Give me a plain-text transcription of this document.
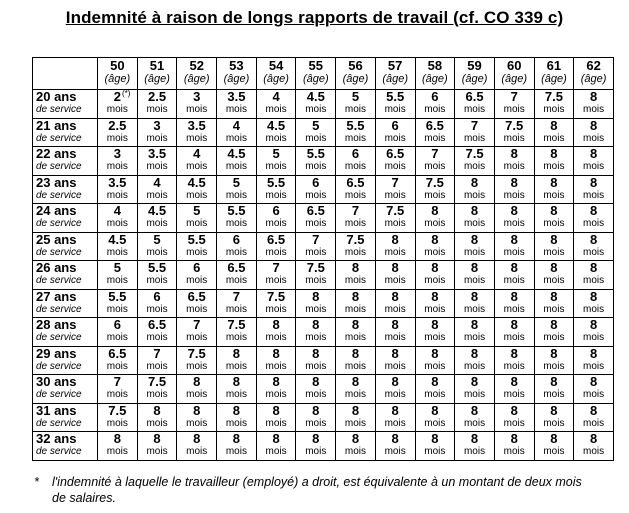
Indemnité à raison de longs rapports de travail (cf. CO 339 c)
	50
(âge)	51
(âge)	52
(âge)	53
(âge)	54
(âge)	55
(âge)	56
(âge)	57
(âge)	58
(âge)	59
(âge)	60
(âge)	61
(âge)	62
(âge)

20 ans
de service	2 (*)
mois	2.5
mois	3
mois	3.5
mois	4
mois	4.5
mois	5
mois	5.5
mois	6
mois	6.5
mois	7
mois	7.5
mois	8
mois

21 ans
de service	2.5
mois	3
mois	3.5
mois	4
mois	4.5
mois	5
mois	5.5
mois	6
mois	6.5
mois	7
mois	7.5
mois	8
mois	8
mois

22 ans
de service	3
mois	3.5
mois	4
mois	4.5
mois	5
mois	5.5
mois	6
mois	6.5
mois	7
mois	7.5
mois	8
mois	8
mois	8
mois

23 ans
de service	3.5
mois	4
mois	4.5
mois	5
mois	5.5
mois	6
mois	6.5
mois	7
mois	7.5
mois	8
mois	8
mois	8
mois	8
mois

24 ans
de service	4
mois	4.5
mois	5
mois	5.5
mois	6
mois	6.5
mois	7
mois	7.5
mois	8
mois	8
mois	8
mois	8
mois	8
mois

25 ans
de service	4.5
mois	5
mois	5.5
mois	6
mois	6.5
mois	7
mois	7.5
mois	8
mois	8
mois	8
mois	8
mois	8
mois	8
mois

26 ans
de service	5
mois	5.5
mois	6
mois	6.5
mois	7
mois	7.5
mois	8
mois	8
mois	8
mois	8
mois	8
mois	8
mois	8
mois

27 ans
de service	5.5
mois	6
mois	6.5
mois	7
mois	7.5
mois	8
mois	8
mois	8
mois	8
mois	8
mois	8
mois	8
mois	8
mois

28 ans
de service	6
mois	6.5
mois	7
mois	7.5
mois	8
mois	8
mois	8
mois	8
mois	8
mois	8
mois	8
mois	8
mois	8
mois

29 ans
de service	6.5
mois	7
mois	7.5
mois	8
mois	8
mois	8
mois	8
mois	8
mois	8
mois	8
mois	8
mois	8
mois	8
mois

30 ans
de service	7
mois	7.5
mois	8
mois	8
mois	8
mois	8
mois	8
mois	8
mois	8
mois	8
mois	8
mois	8
mois	8
mois

31 ans
de service	7.5
mois	8
mois	8
mois	8
mois	8
mois	8
mois	8
mois	8
mois	8
mois	8
mois	8
mois	8
mois	8
mois

32 ans
de service	8
mois	8
mois	8
mois	8
mois	8
mois	8
mois	8
mois	8
mois	8
mois	8
mois	8
mois	8
mois	8
mois
*	l'indemnité à laquelle le travailleur (employé) a droit, est équivalente à un montant de deux mois de salaires.
